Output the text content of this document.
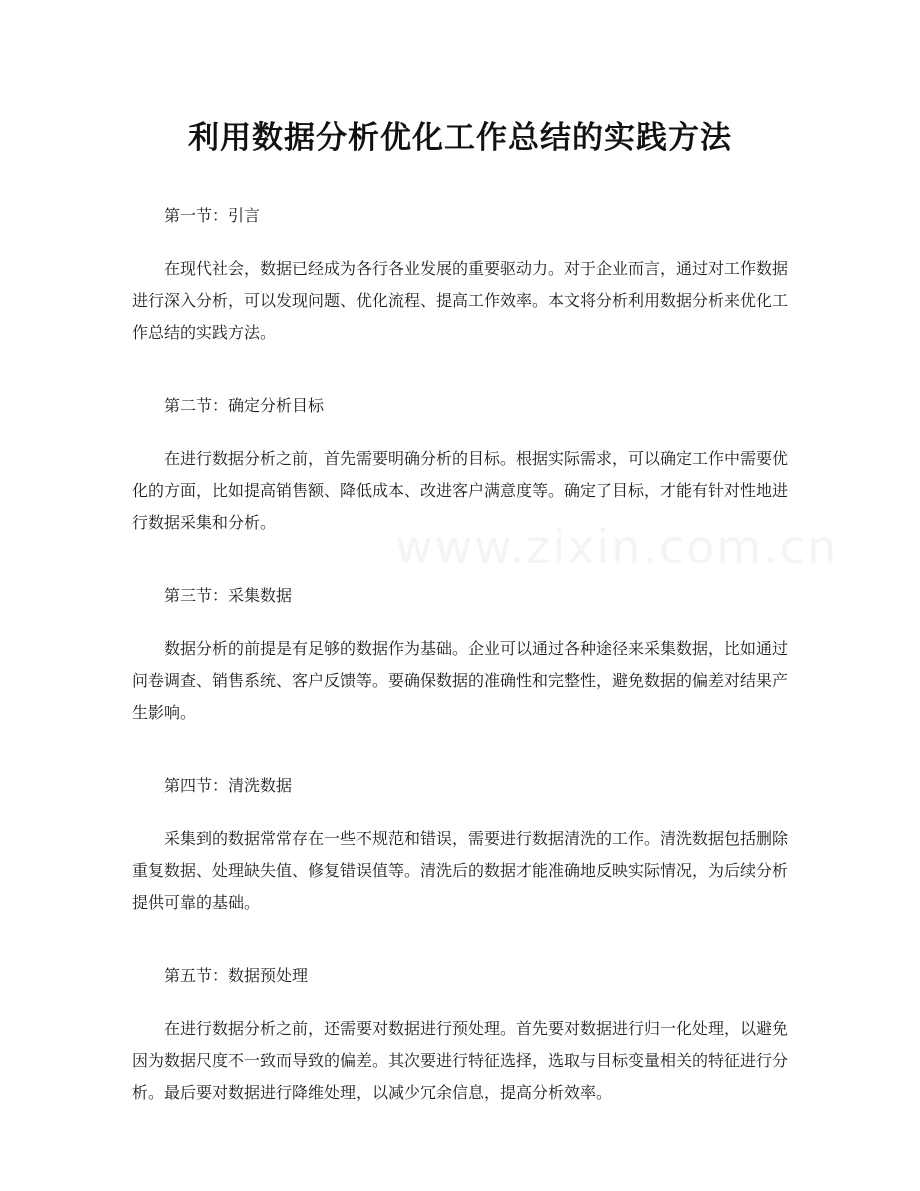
利用数据分析优化工作总结的实践方法

第一节：引言

在现代社会，数据已经成为各行各业发展的重要驱动力。对于企业而言，通过对工作数据进行深入分析，可以发现问题、优化流程、提高工作效率。本文将分析利用数据分析来优化工作总结的实践方法。

第二节：确定分析目标

在进行数据分析之前，首先需要明确分析的目标。根据实际需求，可以确定工作中需要优化的方面，比如提高销售额、降低成本、改进客户满意度等。确定了目标，才能有针对性地进行数据采集和分析。

第三节：采集数据

数据分析的前提是有足够的数据作为基础。企业可以通过各种途径来采集数据，比如通过问卷调查、销售系统、客户反馈等。要确保数据的准确性和完整性，避免数据的偏差对结果产生影响。

第四节：清洗数据

采集到的数据常常存在一些不规范和错误，需要进行数据清洗的工作。清洗数据包括删除重复数据、处理缺失值、修复错误值等。清洗后的数据才能准确地反映实际情况，为后续分析提供可靠的基础。

第五节：数据预处理

在进行数据分析之前，还需要对数据进行预处理。首先要对数据进行归一化处理，以避免因为数据尺度不一致而导致的偏差。其次要进行特征选择，选取与目标变量相关的特征进行分析。最后要对数据进行降维处理，以减少冗余信息，提高分析效率。
